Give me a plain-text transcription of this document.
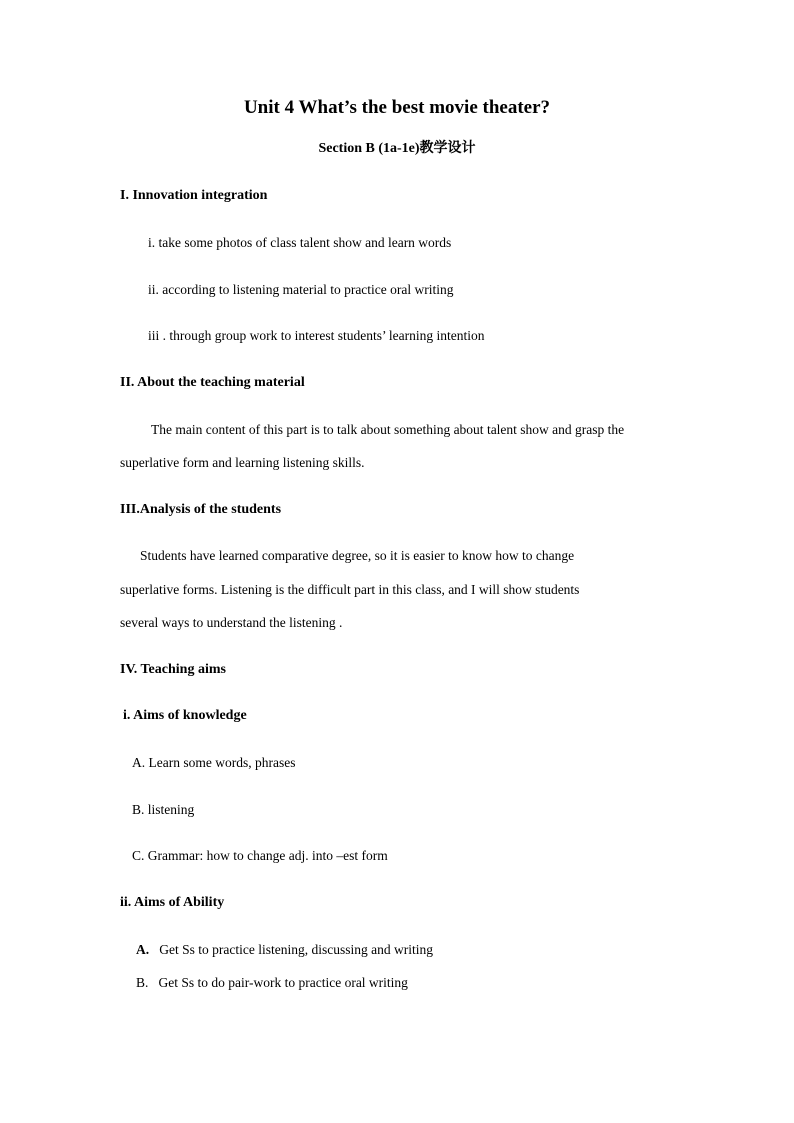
Unit 4 What’s the best movie theater?
Section B (1a-1e)教学设计
I. Innovation integration
i. take some photos of class talent show and learn words
ii. according to listening material to practice oral writing
iii . through group work to interest students’ learning intention
II. About the teaching material
The main content of this part is to talk about something about talent show and grasp the
superlative form and learning listening skills.
III.Analysis of the students
Students have learned comparative degree, so it is easier to know how to change
superlative forms. Listening is the difficult part in this class, and I will show students
several ways to understand the listening .
IV. Teaching aims
i. Aims of knowledge
A. Learn some words, phrases
B. listening
C. Grammar: how to change adj. into –est form
ii. Aims of Ability
A. Get Ss to practice listening, discussing and writing
B. Get Ss to do pair-work to practice oral writing
